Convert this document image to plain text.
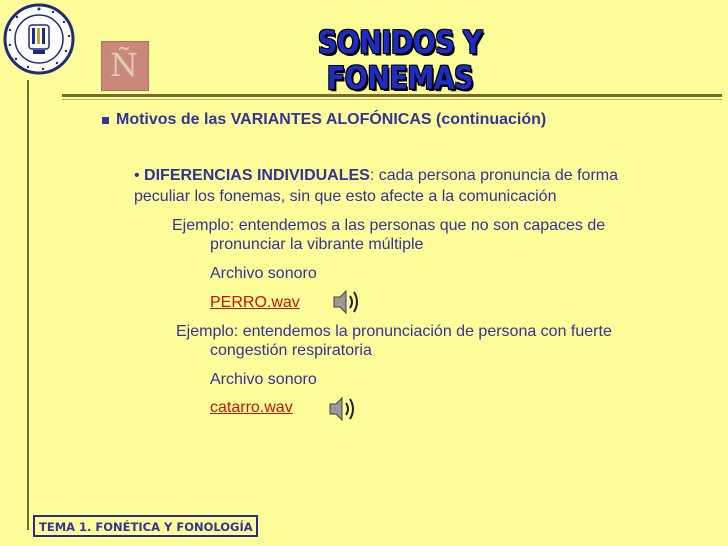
Ñ
SONIDOS Y FONEMAS
Motivos de las VARIANTES ALOFÓNICAS (continuación)
• DIFERENCIAS INDIVIDUALES: cada persona pronuncia de forma
peculiar los fonemas, sin que esto afecte a la comunicación
Ejemplo: entendemos a las personas que no son capaces de
pronunciar la vibrante múltiple
Archivo sonoro
PERRO.wav
Ejemplo: entendemos la pronunciación de persona con fuerte
congestión respiratoria
Archivo sonoro
catarro.wav
TEMA 1. FONÉTICA Y FONOLOGÍA
